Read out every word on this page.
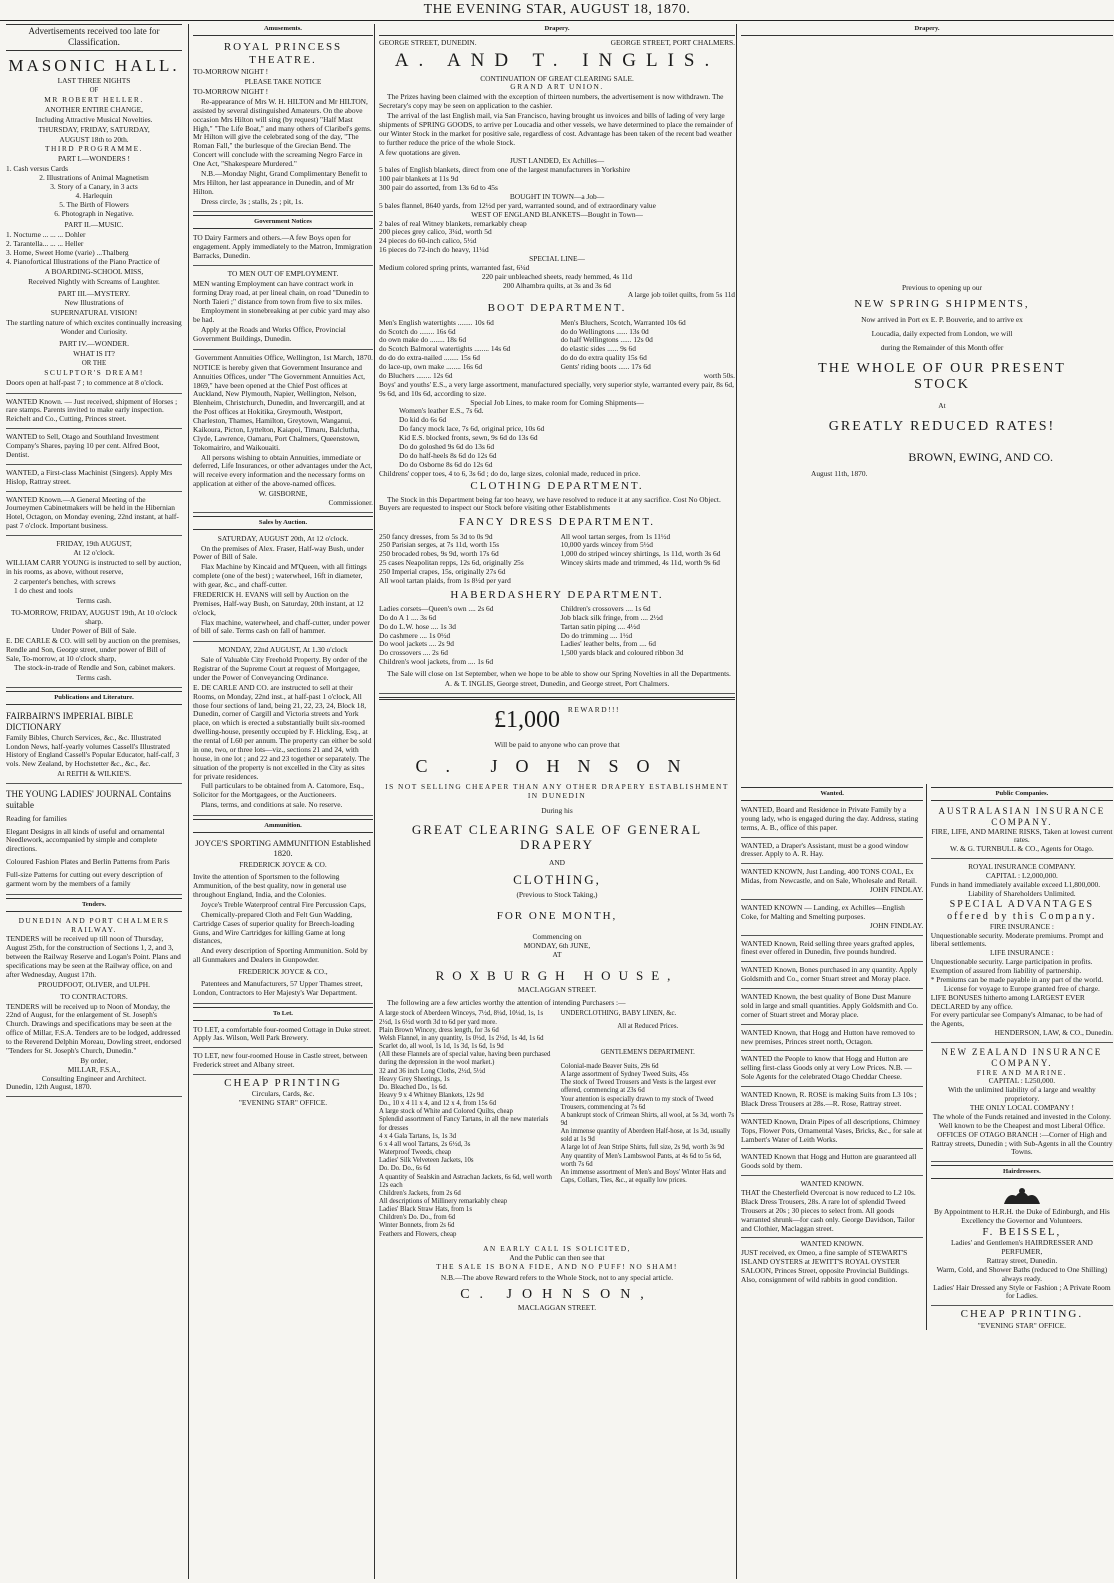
THE EVENING STAR, AUGUST 18, 1870.
Advertisements received too late for Classification.
MASONIC HALL.
LAST THREE NIGHTS
OF
MR ROBERT HELLER.
ANOTHER ENTIRE CHANGE,
Including Attractive Musical Novelties.
THURSDAY, FRIDAY, SATURDAY,
AUGUST 18th to 20th.
THIRD PROGRAMME.
PART I.—WONDERS !
1. Cash versus Cards
2. Illustrations of Animal Magnetism
3. Story of a Canary, in 3 acts
4. Harlequin
5. The Birth of Flowers
6. Photograph in Negative.
PART II.—MUSIC.
1. Nocturne ... ... ... Dohler
2. Tarantella... ... ... Heller
3. Home, Sweet Home (varie) ...Thalberg
4. Pianofortical Illustrations of the Piano Practice of
A BOARDING-SCHOOL MISS,
Received Nightly with Screams of Laughter.
PART III.—MYSTERY.
New Illustrations of
SUPERNATURAL VISION!
The startling nature of which excites continually increasing Wonder and Curiosity.
PART IV.—WONDER.
WHAT IS IT?
OR THE
SCULPTOR'S DREAM!
Doors open at half-past 7 ; to commence at 8 o'clock.
WANTED Known. — Just received, shipment of Horses ; rare stamps. Parents invited to make early inspection. Reichelt and Co., Cutting, Princes street.
WANTED to Sell, Otago and Southland Investment Company's Shares, paying 10 per cent. Alfred Boot, Dentist.
WANTED, a First-class Machinist (Singers). Apply Mrs Hislop, Rattray street.
WANTED Known.—A General Meeting of the Journeymen Cabinetmakers will be held in the Hibernian Hotel, Octagon, on Monday evening, 22nd instant, at half-past 7 o'clock. Important business.
FRIDAY, 19th AUGUST,
At 12 o'clock.
WILLIAM CARR YOUNG is instructed to sell by auction, in his rooms, as above, without reserve,
2 carpenter's benches, with screws
1 do chest and tools
Terms cash.
TO-MORROW, FRIDAY, AUGUST 19th, At 10 o'clock sharp.
Under Power of Bill of Sale.
E. DE CARLE & CO. will sell by auction on the premises, Rendle and Son, George street, under power of Bill of Sale, To-morrow, at 10 o'clock sharp,
The stock-in-trade of Rendle and Son, cabinet makers.
Terms cash.
Publications and Literature.
FAIRBAIRN'S IMPERIAL BIBLE DICTIONARY
Family Bibles, Church Services, &c., &c. Illustrated London News, half-yearly volumes Cassell's Illustrated History of England Cassell's Popular Educator, half-calf, 3 vols. New Zealand, by Hochstetter &c., &c., &c.
At REITH & WILKIE'S.
THE YOUNG LADIES' JOURNAL Contains suitable
Reading for families
Elegant Designs in all kinds of useful and ornamental Needlework, accompanied by simple and complete directions.
Coloured Fashion Plates and Berlin Patterns from Paris
Full-size Patterns for cutting out every description of garment worn by the members of a family
Tenders.
DUNEDIN AND PORT CHALMERS RAILWAY.
TENDERS will be received up till noon of Thursday, August 25th, for the construction of Sections 1, 2, and 3, between the Railway Reserve and Logan's Point. Plans and specifications may be seen at the Railway office, on and after Wednesday, August 17th.
PROUDFOOT, OLIVER, and ULPH.
TO CONTRACTORS.
TENDERS will be received up to Noon of Monday, the 22nd of August, for the enlargement of St. Joseph's Church. Drawings and specifications may be seen at the office of Millar, F.S.A. Tenders are to be lodged, addressed to the Reverend Delphin Moreau, Dowling street, endorsed "Tenders for St. Joseph's Church, Dunedin."
By order,
MILLAR, F.S.A.,
Consulting Engineer and Architect.
Dunedin, 12th August, 1870.
Amusements.
ROYAL PRINCESS THEATRE.
TO-MORROW NIGHT !
PLEASE TAKE NOTICE
TO-MORROW NIGHT !
Re-appearance of Mrs W. H. HILTON and Mr HILTON, assisted by several distinguished Amateurs. On the above occasion Mrs Hilton will sing (by request) "Half Mast High," "The Life Boat," and many others of Claribel's gems. Mr Hilton will give the celebrated song of the day, "The Roman Fall," the burlesque of the Grecian Bend. The Concert will conclude with the screaming Negro Farce in One Act, "Shakespeare Murdered."
N.B.—Monday Night, Grand Complimentary Benefit to Mrs Hilton, her last appearance in Dunedin, and of Mr Hilton.
Dress circle, 3s ; stalls, 2s ; pit, 1s.
Government Notices
TO Dairy Farmers and others.—A few Boys open for engagement. Apply immediately to the Matron, Immigration Barracks, Dunedin.
TO MEN OUT OF EMPLOYMENT.
MEN wanting Employment can have contract work in forming Dray road, at per lineal chain, on road "Dunedin to North Taieri ;" distance from town from five to six miles.
Employment in stonebreaking at per cubic yard may also be had.
Apply at the Roads and Works Office, Provincial Government Buildings, Dunedin.
Government Annuities Office, Wellington, 1st March, 1870.
NOTICE is hereby given that Government Insurance and Annuities Offices, under "The Government Annuities Act, 1869," have been opened at the Chief Post offices at Auckland, New Plymouth, Napier, Wellington, Nelson, Blenheim, Christchurch, Dunedin, and Invercargill, and at the Post offices at Hokitika, Greymouth, Westport, Charleston, Thames, Hamilton, Greytown, Wanganui, Kaikoura, Picton, Lyttelton, Kaiapoi, Timaru, Balclutha, Clyde, Lawrence, Oamaru, Port Chalmers, Queenstown, Tokomairiro, and Waikouaiti.
All persons wishing to obtain Annuities, immediate or deferred, Life Insurances, or other advantages under the Act, will receive every information and the necessary forms on application at either of the above-named offices.
W. GISBORNE,
Commissioner.
Sales by Auction.
SATURDAY, AUGUST 20th, At 12 o'clock.
On the premises of Alex. Fraser, Half-way Bush, under Power of Bill of Sale.
Flax Machine by Kincaid and M'Queen, with all fittings complete (one of the best) ; waterwheel, 16ft in diameter, with gear, &c., and chaff-cutter.
FREDERICK H. EVANS will sell by Auction on the Premises, Half-way Bush, on Saturday, 20th instant, at 12 o'clock,
Flax machine, waterwheel, and chaff-cutter, under power of bill of sale. Terms cash on fall of hammer.
MONDAY, 22nd AUGUST, At 1.30 o'clock
Sale of Valuable City Freehold Property. By order of the Registrar of the Supreme Court at request of Mortgagee, under the Power of Conveyancing Ordinance.
E. DE CARLE AND CO. are instructed to sell at their Rooms, on Monday, 22nd inst., at half-past 1 o'clock, All those four sections of land, being 21, 22, 23, 24, Block 18, Dunedin, corner of Cargill and Victoria streets and York place, on which is erected a substantially built six-roomed dwelling-house, presently occupied by F. Hickling, Esq., at the rental of L60 per annum. The property can either be sold in one, two, or three lots—viz., sections 21 and 24, with house, in one lot ; and 22 and 23 together or separately. The situation of the property is not excelled in the City as sites for private residences.
Full particulars to be obtained from A. Catomore, Esq., Solicitor for the Mortgagees, or the Auctioneers.
Plans, terms, and conditions at sale. No reserve.
Ammunition.
JOYCE'S SPORTING AMMUNITION Established 1820.
FREDERICK JOYCE & CO.
Invite the attention of Sportsmen to the following Ammunition, of the best quality, now in general use throughout England, India, and the Colonies.
Joyce's Treble Waterproof central Fire Percussion Caps,
Chemically-prepared Cloth and Felt Gun Wadding, Cartridge Cases of superior quality for Breech-loading Guns, and Wire Cartridges for killing Game at long distances,
And every description of Sporting Ammunition. Sold by all Gunmakers and Dealers in Gunpowder.
FREDERICK JOYCE & CO.,
Patentees and Manufacturers, 57 Upper Thames street, London, Contractors to Her Majesty's War Department.
To Let.
TO LET, a comfortable four-roomed Cottage in Duke street. Apply Jas. Wilson, Well Park Brewery.
TO LET, new four-roomed House in Castle street, between Frederick street and Albany street.
CHEAP PRINTING
Circulars, Cards, &c.
"EVENING STAR" OFFICE.
Drapery.
GEORGE STREET, DUNEDIN.	GEORGE STREET, PORT CHALMERS.
A. AND T. INGLIS.
CONTINUATION OF GREAT CLEARING SALE.
GRAND ART UNION.
The Prizes having been claimed with the exception of thirteen numbers, the advertisement is now withdrawn. The Secretary's copy may be seen on application to the cashier.
The arrival of the last English mail, via San Francisco, having brought us invoices and bills of lading of very large shipments of SPRING GOODS, to arrive per Loucadia and other vessels, we have determined to place the remainder of our Winter Stock in the market for positive sale, regardless of cost. Advantage has been taken of the recent bad weather to further reduce the price of the whole Stock.
A few quotations are given.
JUST LANDED, Ex Achilles—
5 bales of English blankets, direct from one of the largest manufacturers in Yorkshire
100 pair blankets at 11s 9d
300 pair do assorted, from 13s 6d to 45s
BOUGHT IN TOWN—a Job—
5 bales flannel, 8640 yards, from 12½d per yard, warranted sound, and of extraordinary value
WEST OF ENGLAND BLANKETS—Bought in Town—
2 bales of real Witney blankets, remarkably cheap
200 pieces grey calico, 3¼d, worth 5d
24 pieces do 60-inch calico, 5½d
16 pieces do 72-inch do heavy, 11¼d
SPECIAL LINE—
Medium colored spring prints, warranted fast, 6¼d
220 pair unbleached sheets, ready hemmed, 4s 11d
200 Alhambra quilts, at 3s and 3s 6d
A large job toilet quilts, from 5s 11d
BOOT DEPARTMENT.
Men's English watertights ........ 10s 6d
do Scotch do ........ 16s 6d
do own make do ........ 18s 6d
do Scotch Balmoral watertights ........ 14s 6d
do do do extra-nailed ........ 15s 6d
do lace-up, own make ........ 16s 6d
do Bluchers ........ 12s 6d
Men's Bluchers, Scotch, Warranted 10s 6d
do do Wellingtons ...... 13s 0d
do half Wellingtons ...... 12s 0d
do elastic sides ...... 9s 6d
do do do extra quality 15s 6d
Gents' riding boots ...... 17s 6d
worth 50s.
Boys' and youths' E.S., a very large assortment, manufactured specially, very superior style, warranted every pair, 8s 6d, 9s 6d, and 10s 6d, according to size.
Special Job Lines, to make room for Coming Shipments—
Women's leather E.S., 7s 6d.
Do kid do 6s 6d
Do fancy mock lace, 7s 6d, original price, 10s 6d
Kid E.S. blocked fronts, sewn, 9s 6d do 13s 6d
Do do goloshed 9s 6d do 13s 6d
Do do half-heels 8s 6d do 12s 6d
Do do Osborne 8s 6d do 12s 6d
Childrens' copper toes, 4 to 6, 3s 6d ; do do, large sizes, colonial made, reduced in price.
CLOTHING DEPARTMENT.
The Stock in this Department being far too heavy, we have resolved to reduce it at any sacrifice. Cost No Object. Buyers are requested to inspect our Stock before visiting other Establishments
FANCY DRESS DEPARTMENT.
250 fancy dresses, from 5s 3d to 0s 9d
250 Parisian serges, at 7s 11d, worth 15s
250 brocaded robes, 9s 9d, worth 17s 6d
25 cases Neapolitan repps, 12s 6d, originally 25s
250 Imperial crapes, 15s, originally 27s 6d
All wool tartan plaids, from 1s 8½d per yard
All wool tartan serges, from 1s 11½d
10,000 yards wincey from 5½d
1,000 do striped wincey shirtings, 1s 11d, worth 3s 6d
Wincey skirts made and trimmed, 4s 11d, worth 9s 6d
HABERDASHERY DEPARTMENT.
Ladies corsets—Queen's own .... 2s 6d
Do do A 1 .... 3s 6d
Do do L.W. hose .... 1s 3d
Do cashmere .... 1s 0½d
Do wool jackets .... 2s 9d
Do crossovers .... 2s 6d
Children's wool jackets, from .... 1s 6d
Children's crossovers .... 1s 6d
Job black silk fringe, from .... 2½d
Tartan satin piping .... 4½d
Do do trimming .... 1½d
Ladies' leather belts, from .... 6d
1,500 yards black and coloured ribbon 3d
The Sale will close on 1st September, when we hope to be able to show our Spring Novelties in all the Departments.
A. & T. INGLIS, George street, Dunedin, and George street, Port Chalmers.
£1,000 REWARD!!!
Will be paid to anyone who can prove that
C. JOHNSON
IS NOT SELLING CHEAPER THAN ANY OTHER DRAPERY ESTABLISHMENT IN DUNEDIN
During his
GREAT CLEARING SALE OF GENERAL DRAPERY
AND
CLOTHING,
(Previous to Stock Taking,)
FOR ONE MONTH,
Commencing on
MONDAY, 6th JUNE,
AT
ROXBURGH HOUSE,
MACLAGGAN STREET.
The following are a few articles worthy the attention of intending Purchasers :—
A large stock of Aberdeen Winceys, 7½d, 8¼d, 10¼d, 1s, 1s 2½d, 1s 6½d worth 3d to 6d per yard more.
Plain Brown Wincey, dress length, for 3s 6d
Welsh Flannel, in any quantity, 1s 0½d, 1s 2½d, 1s 4d, 1s 6d
Scarlet do, all wool, 1s 1d, 1s 3d, 1s 6d, 1s 9d
(All these Flannels are of special value, having been purchased during the depression in the wool market.)
32 and 36 inch Long Cloths, 2½d, 5½d
Heavy Grey Sheetings, 1s
Do. Bleached Do., 1s 6d.
Heavy 9 x 4 Whitney Blankets, 12s 9d
Do., 10 x 4 11 x 4, and 12 x 4, from 15s 6d
A large stock of White and Colored Quilts, cheap
Splendid assortment of Fancy Tartans, in all the new materials for dresses
4 x 4 Gala Tartans, 1s, 1s 3d
6 x 4 all wool Tartans, 2s 6½d, 3s
Waterproof Tweeds, cheap
Ladies' Silk Velveteen Jackets, 10s
Do. Do. Do., 6s 6d
A quantity of Sealskin and Astrachan Jackets, 6s 6d, well worth 12s each
Children's Jackets, from 2s 6d
All descriptions of Millinery remarkably cheap
Ladies' Black Straw Hats, from 1s
Children's Do. Do., from 6d
Winter Bonnets, from 2s 6d
Feathers and Flowers, cheap
UNDERCLOTHING, BABY LINEN, &c.
All at Reduced Prices.
GENTLEMEN'S DEPARTMENT.
Colonial-made Beaver Suits, 29s 6d
A large assortment of Sydney Tweed Suits, 45s
The stock of Tweed Trousers and Vests is the largest ever offered, commencing at 23s 6d
Your attention is especially drawn to my stock of Tweed Trousers, commencing at 7s 6d
A bankrupt stock of Crimean Shirts, all wool, at 5s 3d, worth 7s 9d
An immense quantity of Aberdeen Half-hose, at 1s 3d, usually sold at 1s 9d
A large lot of Jean Stripe Shirts, full size, 2s 9d, worth 3s 9d
Any quantity of Men's Lambswool Pants, at 4s 6d to 5s 6d, worth 7s 6d
An immense assortment of Men's and Boys' Winter Hats and Caps, Collars, Ties, &c., at equally low prices.
AN EARLY CALL IS SOLICITED,
And the Public can then see that
THE SALE IS BONA FIDE, AND NO PUFF! NO SHAM!
N.B.—The above Reward refers to the Whole Stock, not to any special article.
C. JOHNSON,
MACLAGGAN STREET.
Drapery.
Previous to opening up our
NEW SPRING SHIPMENTS,
Now arrived in Port ex E. P. Bouverie, and to arrive ex
Loucadia, daily expected from London, we will
during the Remainder of this Month offer
THE WHOLE OF OUR PRESENT STOCK
At
GREATLY REDUCED RATES!
BROWN, EWING, AND CO.
August 11th, 1870.
Wanted.
WANTED, Board and Residence in Private Family by a young lady, who is engaged during the day. Address, stating terms, A. B., office of this paper.
WANTED, a Draper's Assistant, must be a good window dresser. Apply to A. R. Hay.
WANTED KNOWN, Just Landing, 400 TONS COAL, Ex Midas, from Newcastle, and on Sale, Wholesale and Retail.
JOHN FINDLAY.
WANTED KNOWN — Landing, ex Achilles—English Coke, for Malting and Smelting purposes.
JOHN FINDLAY.
WANTED Known, Reid selling three years grafted apples, finest ever offered in Dunedin, five pounds hundred.
WANTED Known, Bones purchased in any quantity. Apply Goldsmith and Co., corner Stuart street and Moray place.
WANTED Known, the best quality of Bone Dust Manure sold in large and small quantities. Apply Goldsmith and Co. corner of Stuart street and Moray place.
WANTED Known, that Hogg and Hutton have removed to new premises, Princes street north, Octagon.
WANTED the People to know that Hogg and Hutton are selling first-class Goods only at very Low Prices. N.B. —Sole Agents for the celebrated Otago Cheddar Cheese.
WANTED Known, R. ROSE is making Suits from L3 10s ; Black Dress Trousers at 28s.—R. Rose, Rattray street.
WANTED Known, Drain Pipes of all descriptions, Chimney Tops, Flower Pots, Ornamental Vases, Bricks, &c., for sale at Lambert's Water of Leith Works.
WANTED Known that Hogg and Hutton are guaranteed all Goods sold by them.
WANTED KNOWN.
THAT the Chesterfield Overcoat is now reduced to L2 10s. Black Dress Trousers, 28s. A rare lot of splendid Tweed Trousers at 20s ; 30 pieces to select from. All goods warranted shrunk—for cash only. George Davidson, Tailor and Clothier, Maclaggan street.
WANTED KNOWN.
JUST received, ex Omeo, a fine sample of STEWART'S ISLAND OYSTERS at JEWITT'S ROYAL OYSTER SALOON, Princes Street, opposite Provincial Buildings.
Also, consignment of wild rabbits in good condition.
Public Companies.
AUSTRALASIAN INSURANCE COMPANY.
FIRE, LIFE, AND MARINE RISKS, Taken at lowest current rates.
W. & G. TURNBULL & CO., Agents for Otago.
ROYAL INSURANCE COMPANY.
CAPITAL : L2,000,000.
Funds in hand immediately available exceed L1,800,000.
Liability of Shareholders Unlimited.
SPECIAL ADVANTAGES offered by this Company.
FIRE INSURANCE :
Unquestionable security. Moderate premiums. Prompt and liberal settlements.
LIFE INSURANCE :
Unquestionable security. Large participation in profits. Exemption of assured from liability of partnership.
* Premiums can be made payable in any part of the world.
License for voyage to Europe granted free of charge.
LIFE BONUSES hitherto among LARGEST EVER DECLARED by any office.
For every particular see Company's Almanac, to be had of the Agents,
HENDERSON, LAW, & CO., Dunedin.
NEW ZEALAND INSURANCE COMPANY.
FIRE AND MARINE.
CAPITAL : L250,000.
With the unlimited liability of a large and wealthy proprietory.
THE ONLY LOCAL COMPANY !
The whole of the Funds retained and invested in the Colony.
Well known to be the Cheapest and most Liberal Office.
OFFICES OF OTAGO BRANCH :—Corner of High and Rattray streets, Dunedin ; with Sub-Agents in all the Country Towns.
Hairdressers.
By Appointment to H.R.H. the Duke of Edinburgh, and His Excellency the Governor and Volunteers.
F. BEISSEL,
Ladies' and Gentlemen's HAIRDRESSER AND PERFUMER,
Rattray street, Dunedin.
Warm, Cold, and Shower Baths (reduced to One Shilling) always ready.
Ladies' Hair Dressed any Style or Fashion ; A Private Room for Ladies.
CHEAP PRINTING.
"EVENING STAR" OFFICE.
